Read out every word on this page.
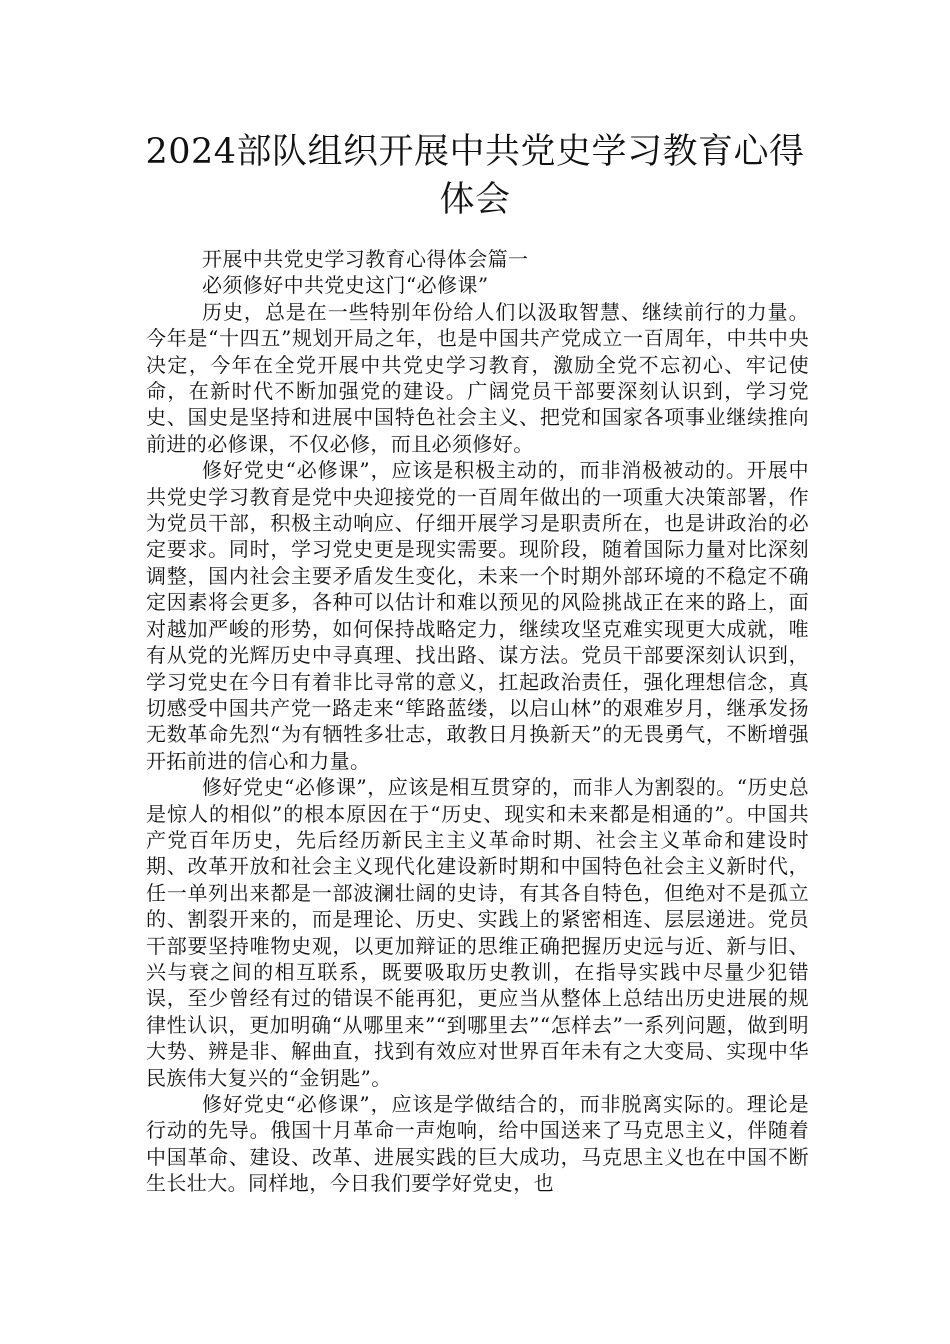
2024部队组织开展中共党史学习教育心得体会

开展中共党史学习教育心得体会篇一

必须修好中共党史这门“必修课”

历史，总是在一些特别年份给人们以汲取智慧、继续前行的力量。今年是“十四五”规划开局之年，也是中国共产党成立一百周年，中共中央决定，今年在全党开展中共党史学习教育，激励全党不忘初心、牢记使命，在新时代不断加强党的建设。广阔党员干部要深刻认识到，学习党史、国史是坚持和进展中国特色社会主义、把党和国家各项事业继续推向前进的必修课，不仅必修，而且必须修好。

修好党史“必修课”，应该是积极主动的，而非消极被动的。开展中共党史学习教育是党中央迎接党的一百周年做出的一项重大决策部署，作为党员干部，积极主动响应、仔细开展学习是职责所在，也是讲政治的必定要求。同时，学习党史更是现实需要。现阶段，随着国际力量对比深刻调整，国内社会主要矛盾发生变化，未来一个时期外部环境的不稳定不确定因素将会更多，各种可以估计和难以预见的风险挑战正在来的路上，面对越加严峻的形势，如何保持战略定力，继续攻坚克难实现更大成就，唯有从党的光辉历史中寻真理、找出路、谋方法。党员干部要深刻认识到，学习党史在今日有着非比寻常的意义，扛起政治责任，强化理想信念，真切感受中国共产党一路走来“筚路蓝缕，以启山林”的艰难岁月，继承发扬无数革命先烈“为有牺牲多壮志，敢教日月换新天”的无畏勇气，不断增强开拓前进的信心和力量。

修好党史“必修课”，应该是相互贯穿的，而非人为割裂的。“历史总是惊人的相似”的根本原因在于“历史、现实和未来都是相通的”。中国共产党百年历史，先后经历新民主主义革命时期、社会主义革命和建设时期、改革开放和社会主义现代化建设新时期和中国特色社会主义新时代，任一单列出来都是一部波澜壮阔的史诗，有其各自特色，但绝对不是孤立的、割裂开来的，而是理论、历史、实践上的紧密相连、层层递进。党员干部要坚持唯物史观，以更加辩证的思维正确把握历史远与近、新与旧、兴与衰之间的相互联系，既要吸取历史教训，在指导实践中尽量少犯错误，至少曾经有过的错误不能再犯，更应当从整体上总结出历史进展的规律性认识，更加明确“从哪里来”“到哪里去”“怎样去”一系列问题，做到明大势、辨是非、解曲直，找到有效应对世界百年未有之大变局、实现中华民族伟大复兴的“金钥匙”。

修好党史“必修课”，应该是学做结合的，而非脱离实际的。理论是行动的先导。俄国十月革命一声炮响，给中国送来了马克思主义，伴随着中国革命、建设、改革、进展实践的巨大成功，马克思主义也在中国不断生长壮大。同样地，今日我们要学好党史，也
